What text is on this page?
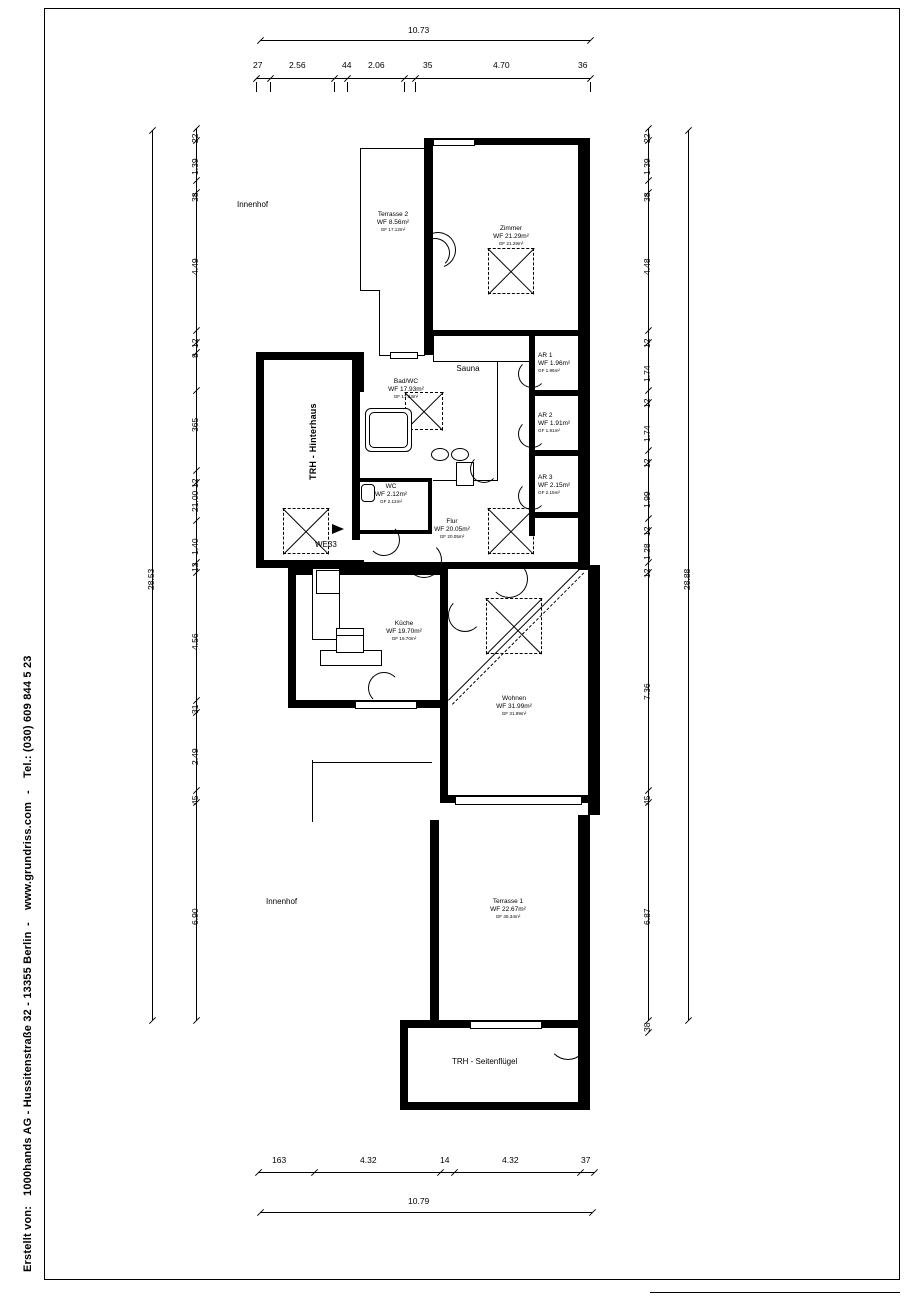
Erstellt von:
1000hands AG - Hussitenstraße 32 - 13355 Berlin
-
www.grundriss.com
-
Tel.: (030) 609 844 5 23
10.73
27	2.56	44 2.06	35	4.70	36
28.53
22
1.39
38
4.49
12
8
365
12
21.00
1.40
12
4.56
31
2.49
45
6.90
28.88
22
1.39
38
4.48
12
1.74
12
1.74
12
1.99
12
1.28
12
7.36
45
6.87
38
163	4.32	14	4.32	37
10.79
Innenhof
Innenhof
Terrasse 2
WF 8.56m²
GF 17.12m²	Zimmer
WF 21.29m²
GF 21.29m²
Sauna
Bad/WC
WF 17.93m²
GF 17.93m²
AR 1
WF 1.96m²
GF 1.96m²
AR 2
WF 1.91m²
GF 1.91m²
AR 3
WF 2.15m²
GF 2.15m²
WC
WF 2.12m²
GF 2.12m²
Flur
WF 20.05m²
GF 20.05m²
Küche
WF 19.70m²
GF 19.70m²
Wohnen
WF 31.99m²
GF 31.99m²
Terrasse 1
WF 22.67m²
GF 45.34m²
TRH - Hinterhaus
TRH - Seitenflügel
WE33
